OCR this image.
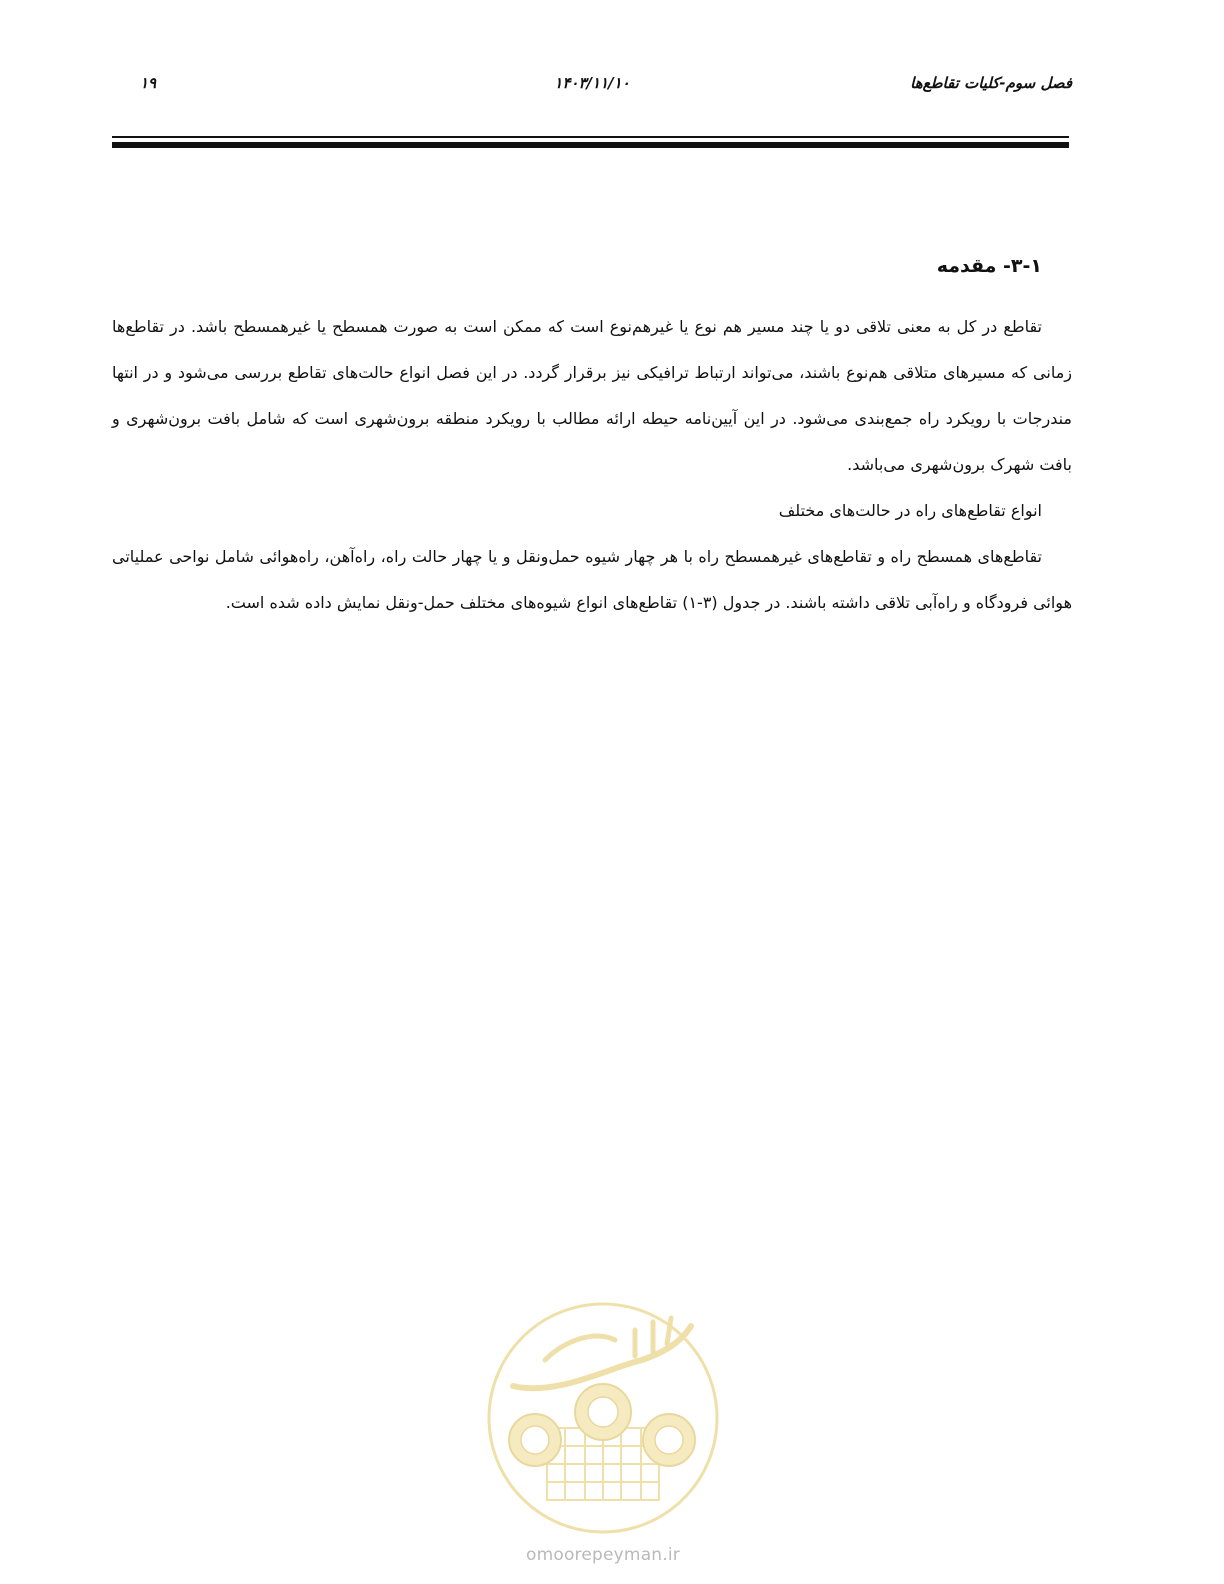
فصل سوم-کلیات تقاطع‌ها
۱۴۰۳/۱۱/۱۰
۱۹
۳-۱- مقدمه

تقاطع در کل به معنی تلاقی دو یا چند مسیر هم نوع یا غیرهم‌نوع است که ممکن است به صورت همسطح یا غیرهمسطح باشد. در تقاطع‌ها زمانی که مسیرهای متلاقی هم‌نوع باشند، می‌تواند ارتباط ترافیکی نیز برقرار گردد. در این فصل انواع حالت‌های تقاطع بررسی می‌شود و در انتها مندرجات با رویکرد راه جمع‌بندی می‌شود. در این آیین‌نامه حیطه ارائه مطالب با رویکرد منطقه برون‌شهری است که شامل بافت برون‌شهری و بافت شهرک برون‌شهری می‌باشد.

انواع تقاطع‌های راه در حالت‌های مختلف

تقاطع‌های همسطح راه و تقاطع‌های غیرهمسطح راه با هر چهار شیوه حمل‌ونقل و یا چهار حالت راه، راه‌آهن، راه‌هوائی شامل نواحی عملیاتی هوائی فرودگاه و راه‌آبی تلاقی داشته باشند. در جدول (۳-۱) تقاطع‌های انواع شیوه‌های مختلف حمل-ونقل نمایش داده شده است.

omoorepeyman.ir
